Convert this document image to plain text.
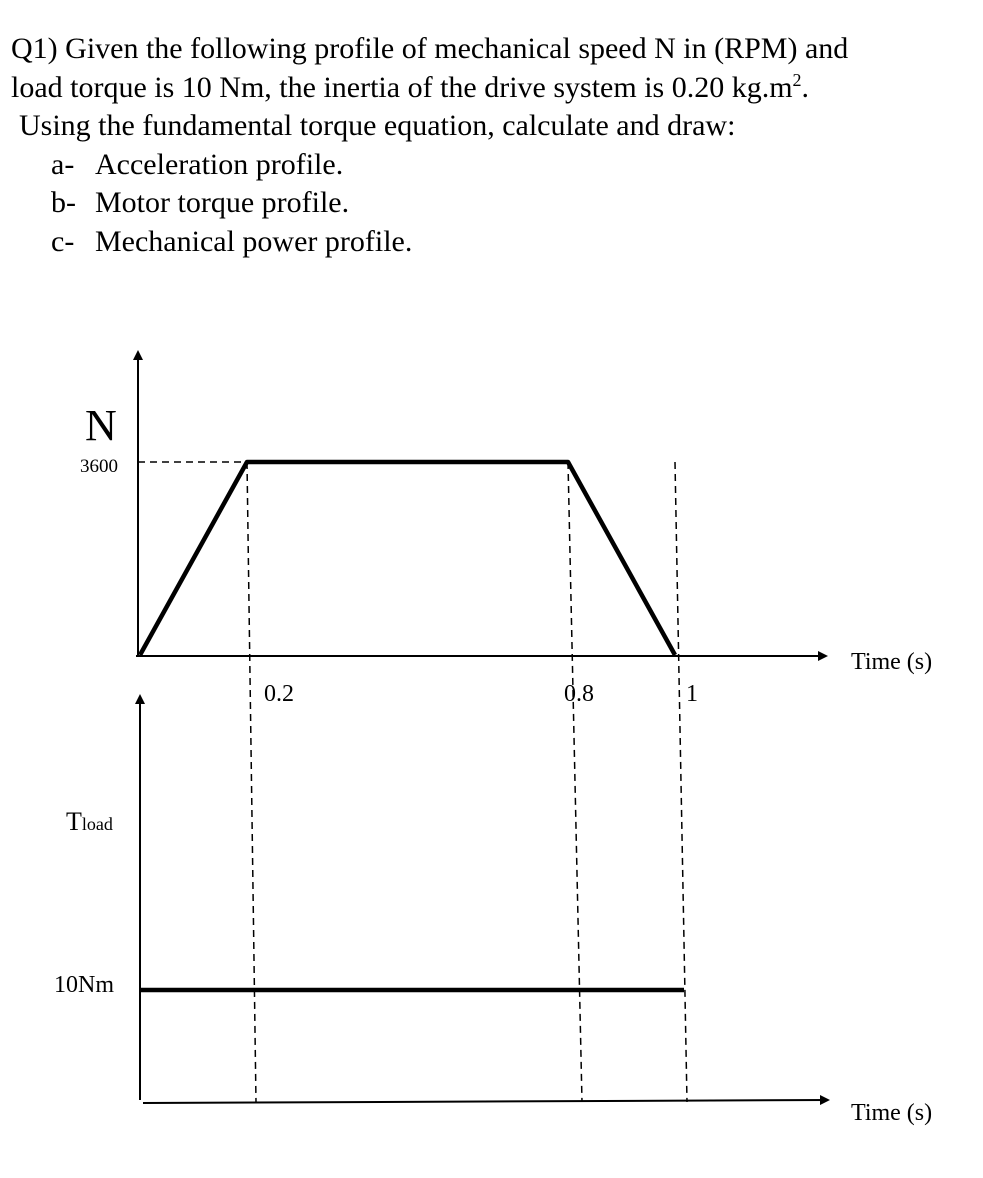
Q1) Given the following profile of mechanical speed N in (RPM) and
load torque is 10 Nm, the inertia of the drive system is 0.20 $kg.m^2$.
Using the fundamental torque equation, calculate and draw:
a- Acceleration profile.
b- Motor torque profile.
c- Mechanical power profile.
N
3600
Time (s)
0.2	0.8	1
Tload
10Nm
Time (s)
